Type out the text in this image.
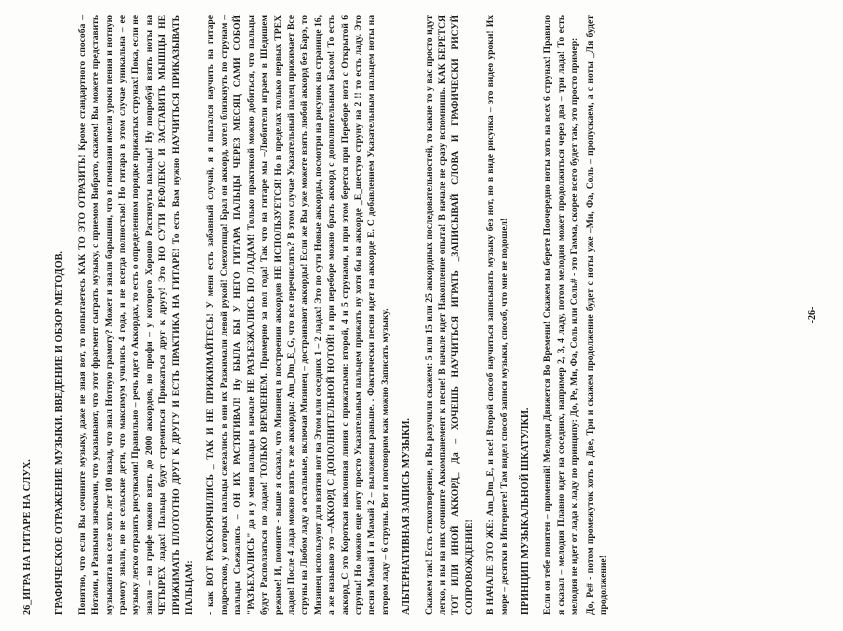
26_ИГРА НА ГИТАРЕ НА СЛУХ. ГРАФИЧЕСКОЕ ОТРАЖЕНИЕ МУЗЫКИ. ВВЕДЕНИЕ И ОБЗОР МЕТОДОВ. Понятно, что если Вы сочините музыку, даже не зная вот, то попытаетесь КАК ТО ЭТО ОТРАЗИТЬ! Кроме стандартного способа – Нотами, и Разными значками, что указывают, что этот фрагмент сыграть музыку, с приемом Вибрато, скажем! Вы можете представить музыканта на селе хоть лет 100 назад, что знал Нотную грамоту? Может и знали барышни, что в гимназии имели уроки пения и нотную грамоту знали, но не сельские дети, что максимум учились 4 года, и не всегда полностью! Но гитара в этом случае уникальна – ее музыку легко отразить рисунками! Правильно – речь идет о Аккордах, то есть о определенном порядке прижатых струнах! Пока, если не знали – на грифе можно взять до 2000 аккордов, но профи – у которого Хорошо Растянуты пальцы! Ну попробуй взять ноты на ЧЕТЫРЕХ ладах! Пальцы будут стремиться Прижаться друг к другу! Это НО СУТИ РЕФЛЕКС И ЗАСТАВИТЬ МЫШЦЫ НЕ ПРИЖИМАТЬ ПЛОТОТНО ДРУГ К ДРУГУ И ЕСТЬ ПРАКТИКА НА ГИТАРЕ! То есть Вам нужно НАУЧИТЬСЯ ПРИКАЗЫВАТЬ ПАЛЬЦАМ: - как ВОТ РАСКОРЯЧИЛИСЬ _ ТАК И НЕ ПРИЖИМАЙТЕСЬ! У меня есть забавный случай, я я пытался научить на гитаре подростков, у которых пальцы сжезались в они их Разжимали левой рукой! Смехотища! Брал он аккорд, хотел близкнуть по струнам – пальцы Сьежались – ОН ИХ РАСТЯГИВАЛ! Ну БЫЛА БЫ У НЕГО ГИТАРА ПАЛЬЦЫ ЧЕРЕЗ МЕСЯЦ САМИ СОБОЙ "РАЗЪЕХАЛИСЬ" да и у меня пальцы в начале НЕ РАЗЪЕЗЖАЛИСЬ ПО ЛАДАМ! Только практикой можно добиться, что пальцы будут Расползаться по ладам! ТОЛЬКО ВРЕМЕНЕМ. Примерно за пол года! Так что на гитаре мы –Любители играем в Шедишем режиме! И, помните - выше я сказал, что Мизинец в построении аккордов НЕ ИСПОЛЬЗУЕТСЯ! Но в пределах только первых ТРЕХ ладов! После 4 лада можно взять те же аккорды: Am_Dm_E_G, что все перечислять? В этом случае Указательный палец прижимает Все струны на Любом ладу а остальные, включая Мизинец – достраивают аккорды! Если же Вы уже можете взять любой аккорд без Барэ, то Мизинец используют для взятия нот на Этом или соседних 1 – 2 ладах! Это по сути Новые аккорды, посмотри на рисунок на странице 16, а же называю это –АККОРД С ДОПОЛНИТЕЛЬНОЙ НОТОЙ! и при переборе можно брать аккорд с дополнительным Басом! То есть аккорд_С это Короткая наклонная линия с прижатыми: второй, 4 и 5 струнами, и при этом берется при Переборе нота с Открытой 6 струны! Но можно еще ноту просто Указательным пальцем прижать ну хотя бы на аккорде _E_шестую струну на 2 !! то есть ладу. Это песня Мамай I и Мамай 2 – выложены раньше. . Фактически песня идет на аккорде Е. С добавлением Указательным пальцем ноты на втором ладу – 6 струны. Вот и поговорим как можно Записать музыку. АЛЬТЕРНАТИВНАЯ ЗАПИСЬ МУЗЫКИ. Скажем так! Есть стихотворение, и Вы разучили скажем: 5 или 15 или 25 аккордных последовательностей, то какие то у вас просто идут легко, и вы на них сочините Аккомпанемент к песне! В начале идет Накопление опыта! В начале не сразу вспомнишь. КАК БЕРЕТСЯ ТОТ ИЛИ ИНОЙ АККОРД_ Да – ХОЧЕШЬ НАУЧИТЬСЯ ИГРАТЬ _ЗАПИСЫВАЙ СЛОВА И ГРАФИЧЕСКИ РИСУЙ СОПРОВОЖДЕНИЕ! В НАЧАЛЕ ЭТО ЖЕ: Am_Dm_E, и все! Второй способ научиться записывать музыку без нот, но в виде рисунка – это видео уроки! Их море – десятки в Интернете! Там видел способ записи музыки, способ, что мне не подошел! ПРИНЦИП МУЗЫКАЛЬНОЙ ШКАТУЛКИ. Если он тебе понятен – применяй! Мелодия Движется Во Времени! Скажем вы берете Поочередно ноты хоть на всех 6 струнах! Правило я сказал – мелодия Плавно идет на соседних, например 2, 3, 4 ладу, потом мелодия может продолжиться через два – три лада! То есть мелодия не идет от лада к ладу по принципу: До, Ре, Ми, Фа, Соль или Соль# - это Гамма, скорее всего будет так, это просто пример: До, Ре# - потом промежуток хоть в Две, Три и скажем продолжение будет с ноты уже –Ми, Фа, Соль – пропускаем, а с ноты _Ля будет продолжение!
-26-
